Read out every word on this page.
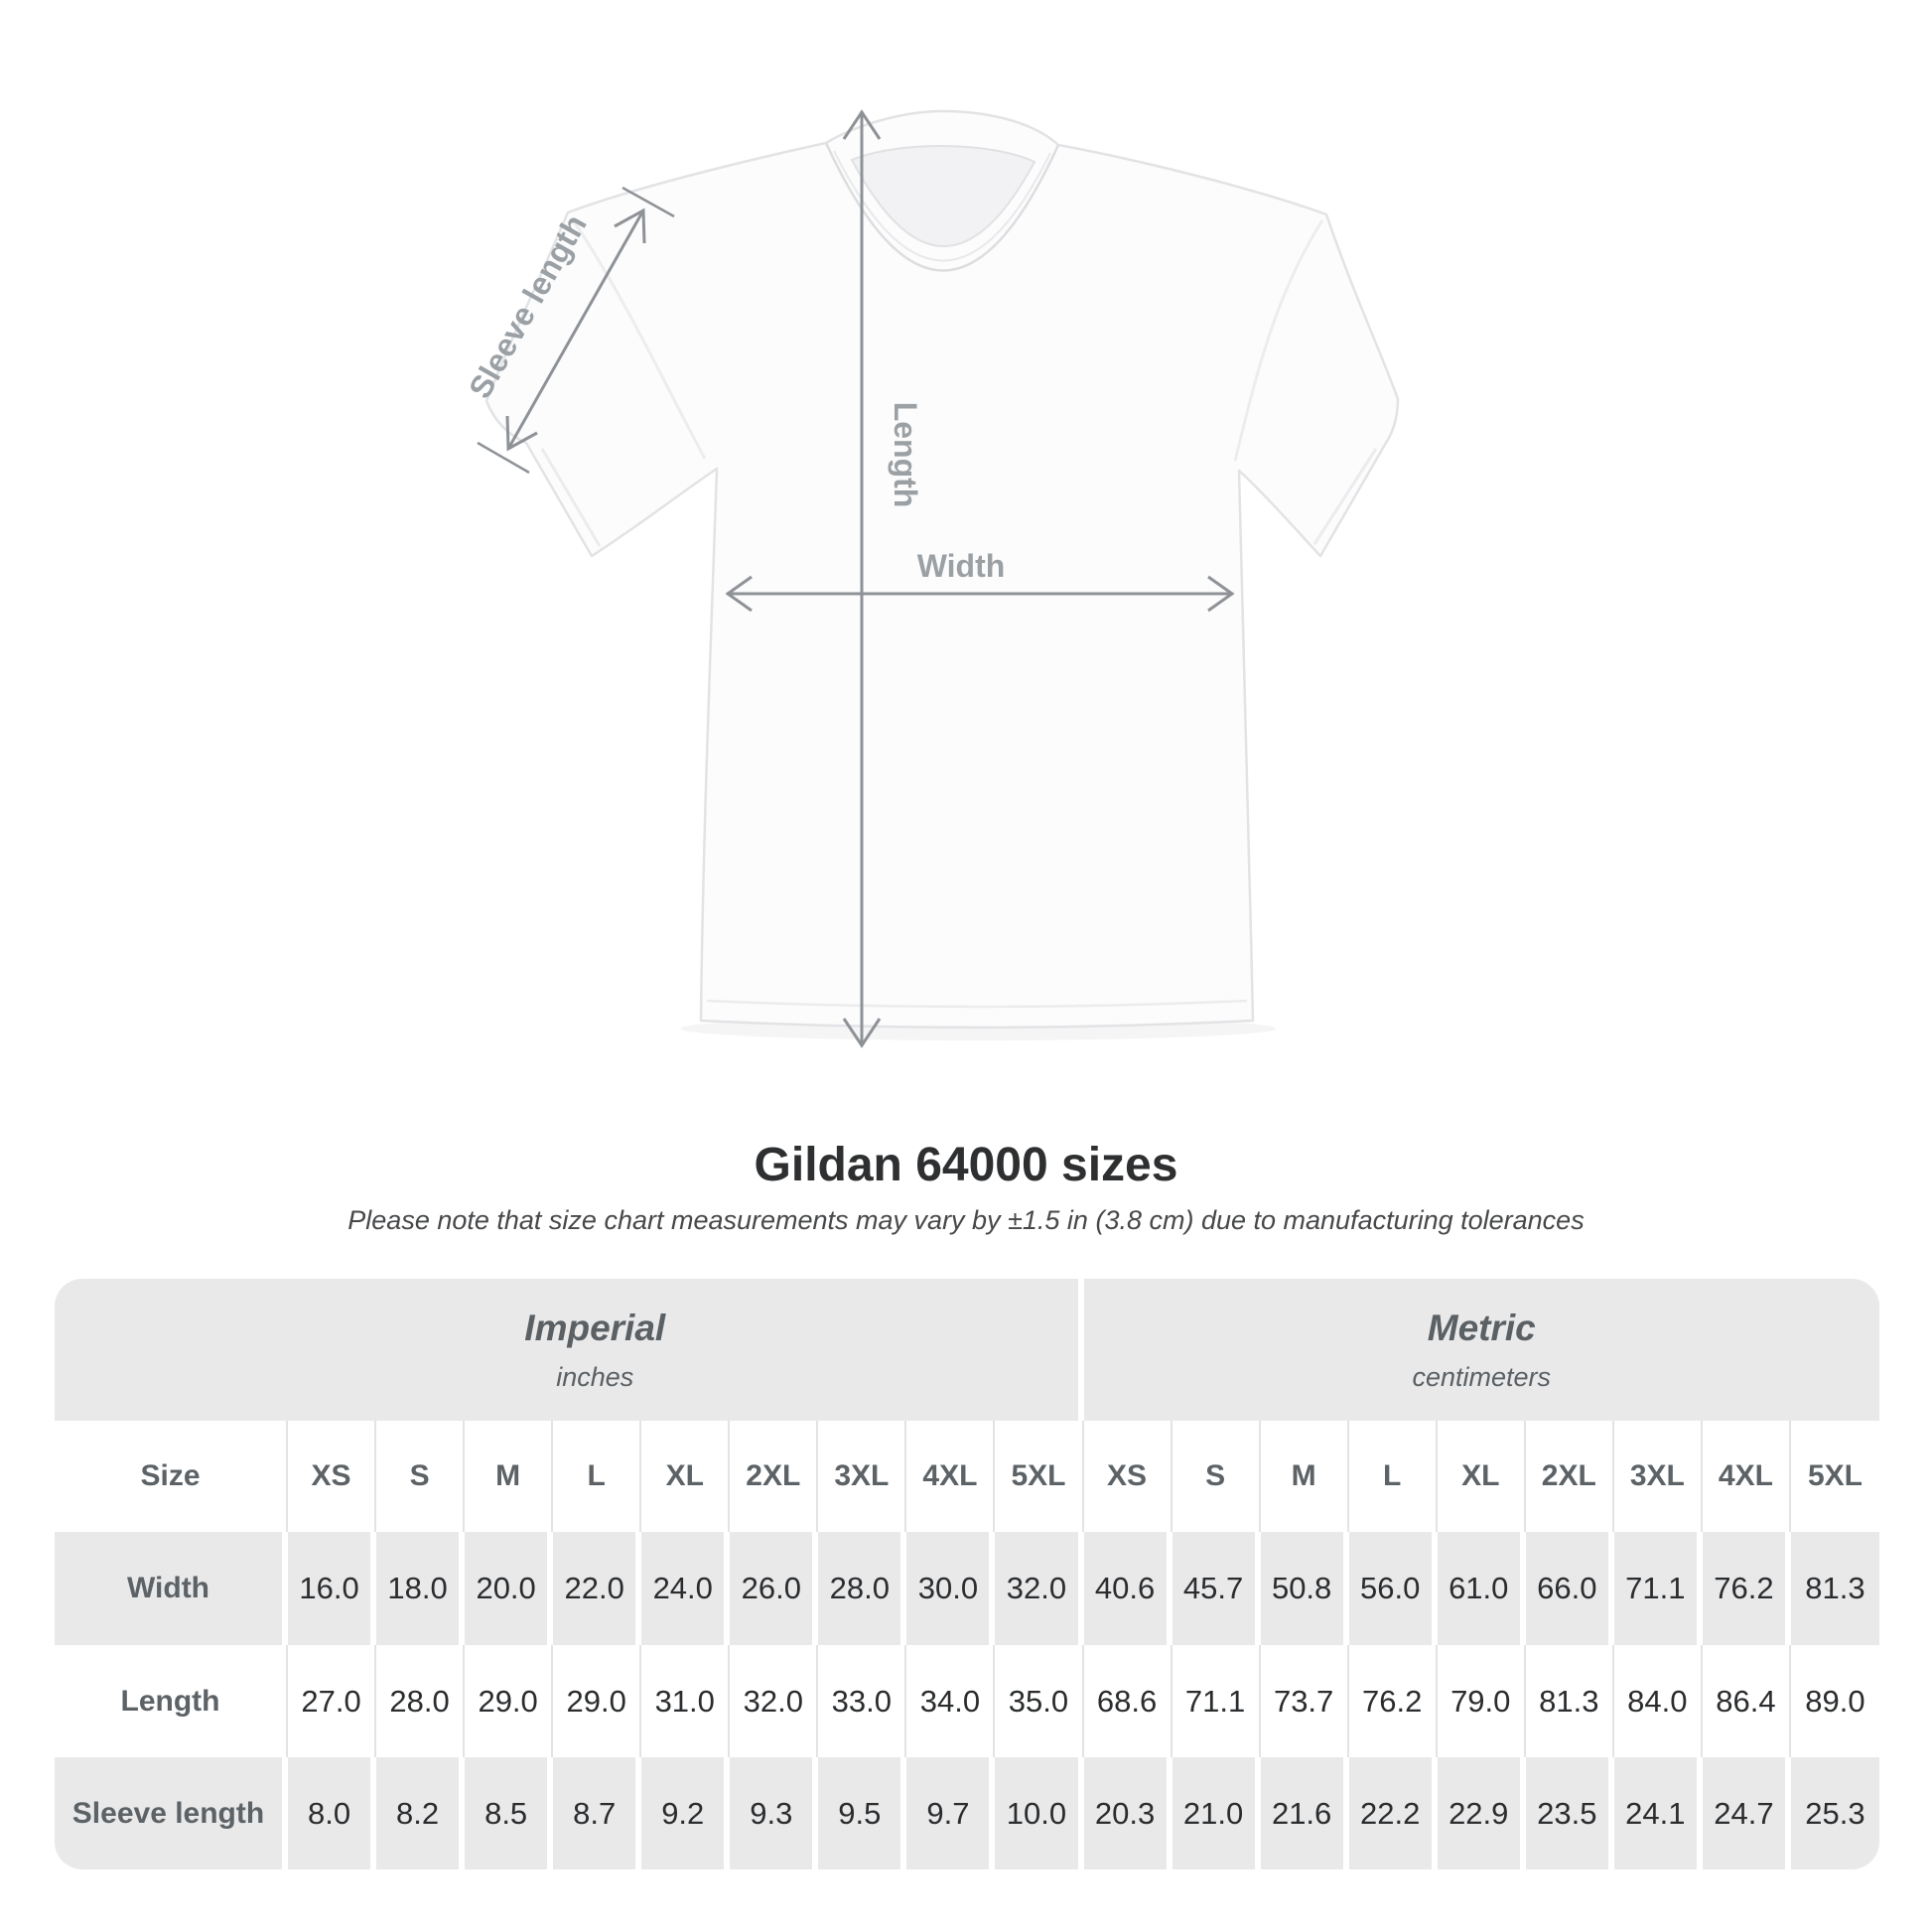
Sleeve length
Length
Width
Gildan 64000 sizes
Please note that size chart measurements may vary by ±1.5 in (3.8 cm) due to manufacturing tolerances
Imperial
inches
Metric
centimeters
Size	XS	S	M	L	XL	2XL	3XL	4XL	5XL	XS	S	M	L	XL	2XL	3XL	4XL	5XL
Width	16.0 18.0 20.0 22.0 24.0 26.0 28.0 30.0 32.0 40.6 45.7 50.8 56.0 61.0 66.0 71.1 76.2	81.3
Length	27.0 28.0 29.0 29.0 31.0 32.0 33.0 34.0 35.0 68.6 71.1 73.7 76.2 79.0 81.3 84.0 86.4 89.0
Sleeve length	8.0	8.2	8.5	8.7	9.2	9.3	9.5	9.7	10.0 20.3 21.0 21.6 22.2 22.9 23.5 24.1 24.7	25.3
